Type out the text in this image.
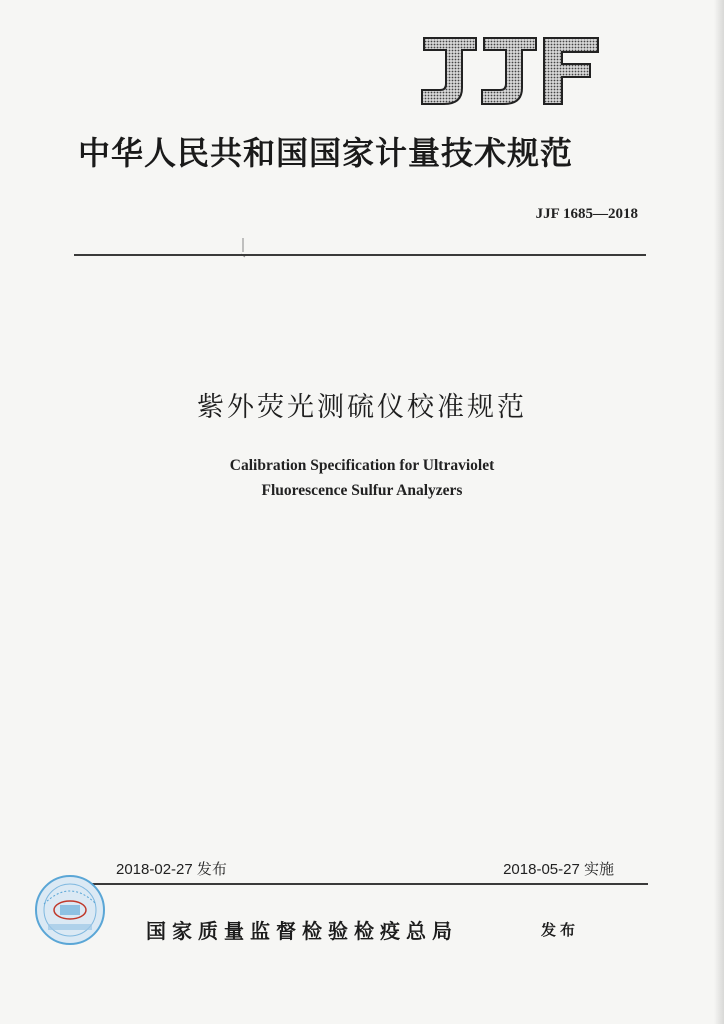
中华人民共和国国家计量技术规范
JJF 1685—2018
紫外荧光测硫仪校准规范
Calibration Specification for Ultraviolet
Fluorescence Sulfur Analyzers
2018-02-27 发布	2018-05-27 实施
国家质量监督检验检疫总局	发布
